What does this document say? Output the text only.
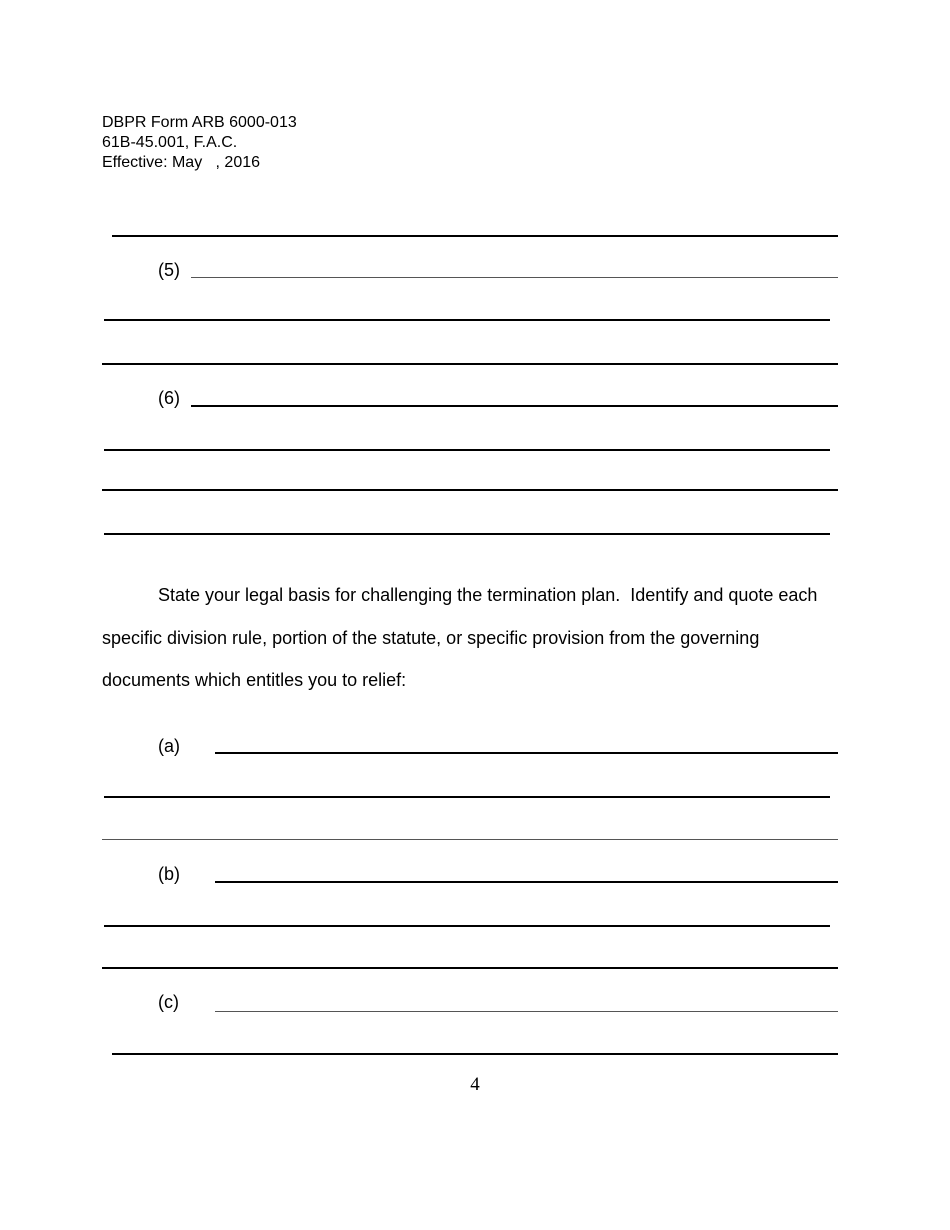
DBPR Form ARB 6000-013
61B-45.001, F.A.C.
Effective: May   , 2016
(5)
(6)
State your legal basis for challenging the termination plan.  Identify and quote each
specific division rule, portion of the statute, or specific provision from the governing
documents which entitles you to relief:
(a)
(b)
(c)
4
